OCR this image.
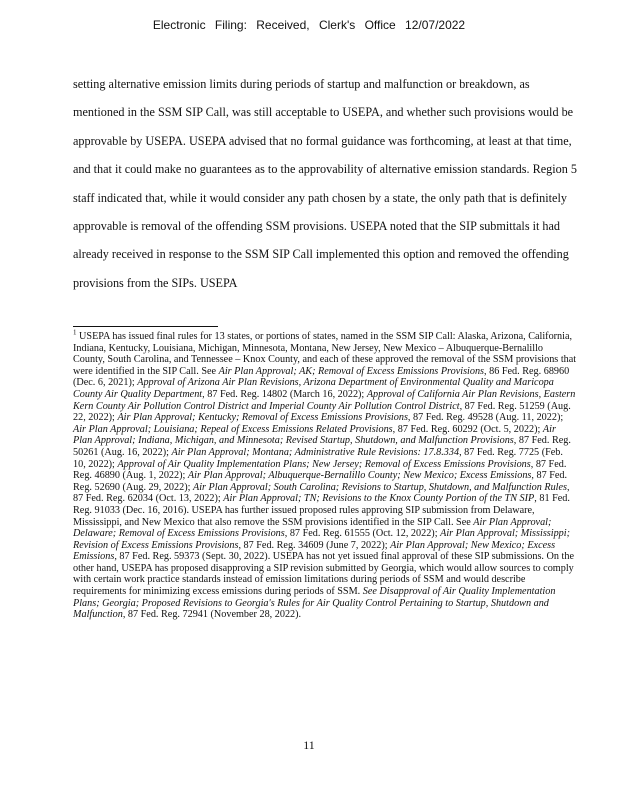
Electronic Filing: Received, Clerk's Office 12/07/2022

setting alternative emission limits during periods of startup and malfunction or breakdown, as mentioned in the SSM SIP Call, was still acceptable to USEPA, and whether such provisions would be approvable by USEPA. USEPA advised that no formal guidance was forthcoming, at least at that time, and that it could make no guarantees as to the approvability of alternative emission standards. Region 5 staff indicated that, while it would consider any path chosen by a state, the only path that is definitely approvable is removal of the offending SSM provisions. USEPA noted that the SIP submittals it had already received in response to the SSM SIP Call implemented this option and removed the offending provisions from the SIPs. USEPA

$^1$ USEPA has issued final rules for 13 states, or portions of states, named in the SSM SIP Call: Alaska, Arizona, California, Indiana, Kentucky, Louisiana, Michigan, Minnesota, Montana, New Jersey, New Mexico – Albuquerque-Bernalillo County, South Carolina, and Tennessee – Knox County, and each of these approved the removal of the SSM provisions that were identified in the SIP Call. See Air Plan Approval; AK; Removal of Excess Emissions Provisions, 86 Fed. Reg. 68960 (Dec. 6, 2021); Approval of Arizona Air Plan Revisions, Arizona Department of Environmental Quality and Maricopa County Air Quality Department, 87 Fed. Reg. 14802 (March 16, 2022); Approval of California Air Plan Revisions, Eastern Kern County Air Pollution Control District and Imperial County Air Pollution Control District, 87 Fed. Reg. 51259 (Aug. 22, 2022); Air Plan Approval; Kentucky; Removal of Excess Emissions Provisions, 87 Fed. Reg. 49528 (Aug. 11, 2022); Air Plan Approval; Louisiana; Repeal of Excess Emissions Related Provisions, 87 Fed. Reg. 60292 (Oct. 5, 2022); Air Plan Approval; Indiana, Michigan, and Minnesota; Revised Startup, Shutdown, and Malfunction Provisions, 87 Fed. Reg. 50261 (Aug. 16, 2022); Air Plan Approval; Montana; Administrative Rule Revisions: 17.8.334, 87 Fed. Reg. 7725 (Feb. 10, 2022); Approval of Air Quality Implementation Plans; New Jersey; Removal of Excess Emissions Provisions, 87 Fed. Reg. 46890 (Aug. 1, 2022); Air Plan Approval; Albuquerque-Bernalillo County; New Mexico; Excess Emissions, 87 Fed. Reg. 52690 (Aug. 29, 2022); Air Plan Approval; South Carolina; Revisions to Startup, Shutdown, and Malfunction Rules, 87 Fed. Reg. 62034 (Oct. 13, 2022); Air Plan Approval; TN; Revisions to the Knox County Portion of the TN SIP, 81 Fed. Reg. 91033 (Dec. 16, 2016). USEPA has further issued proposed rules approving SIP submission from Delaware, Mississippi, and New Mexico that also remove the SSM provisions identified in the SIP Call. See Air Plan Approval; Delaware; Removal of Excess Emissions Provisions, 87 Fed. Reg. 61555 (Oct. 12, 2022); Air Plan Approval; Mississippi; Revision of Excess Emissions Provisions, 87 Fed. Reg. 34609 (June 7, 2022); Air Plan Approval; New Mexico; Excess Emissions, 87 Fed. Reg. 59373 (Sept. 30, 2022). USEPA has not yet issued final approval of these SIP submissions. On the other hand, USEPA has proposed disapproving a SIP revision submitted by Georgia, which would allow sources to comply with certain work practice standards instead of emission limitations during periods of SSM and would describe requirements for minimizing excess emissions during periods of SSM. See Disapproval of Air Quality Implementation Plans; Georgia; Proposed Revisions to Georgia's Rules for Air Quality Control Pertaining to Startup, Shutdown and Malfunction, 87 Fed. Reg. 72941 (November 28, 2022).

11
